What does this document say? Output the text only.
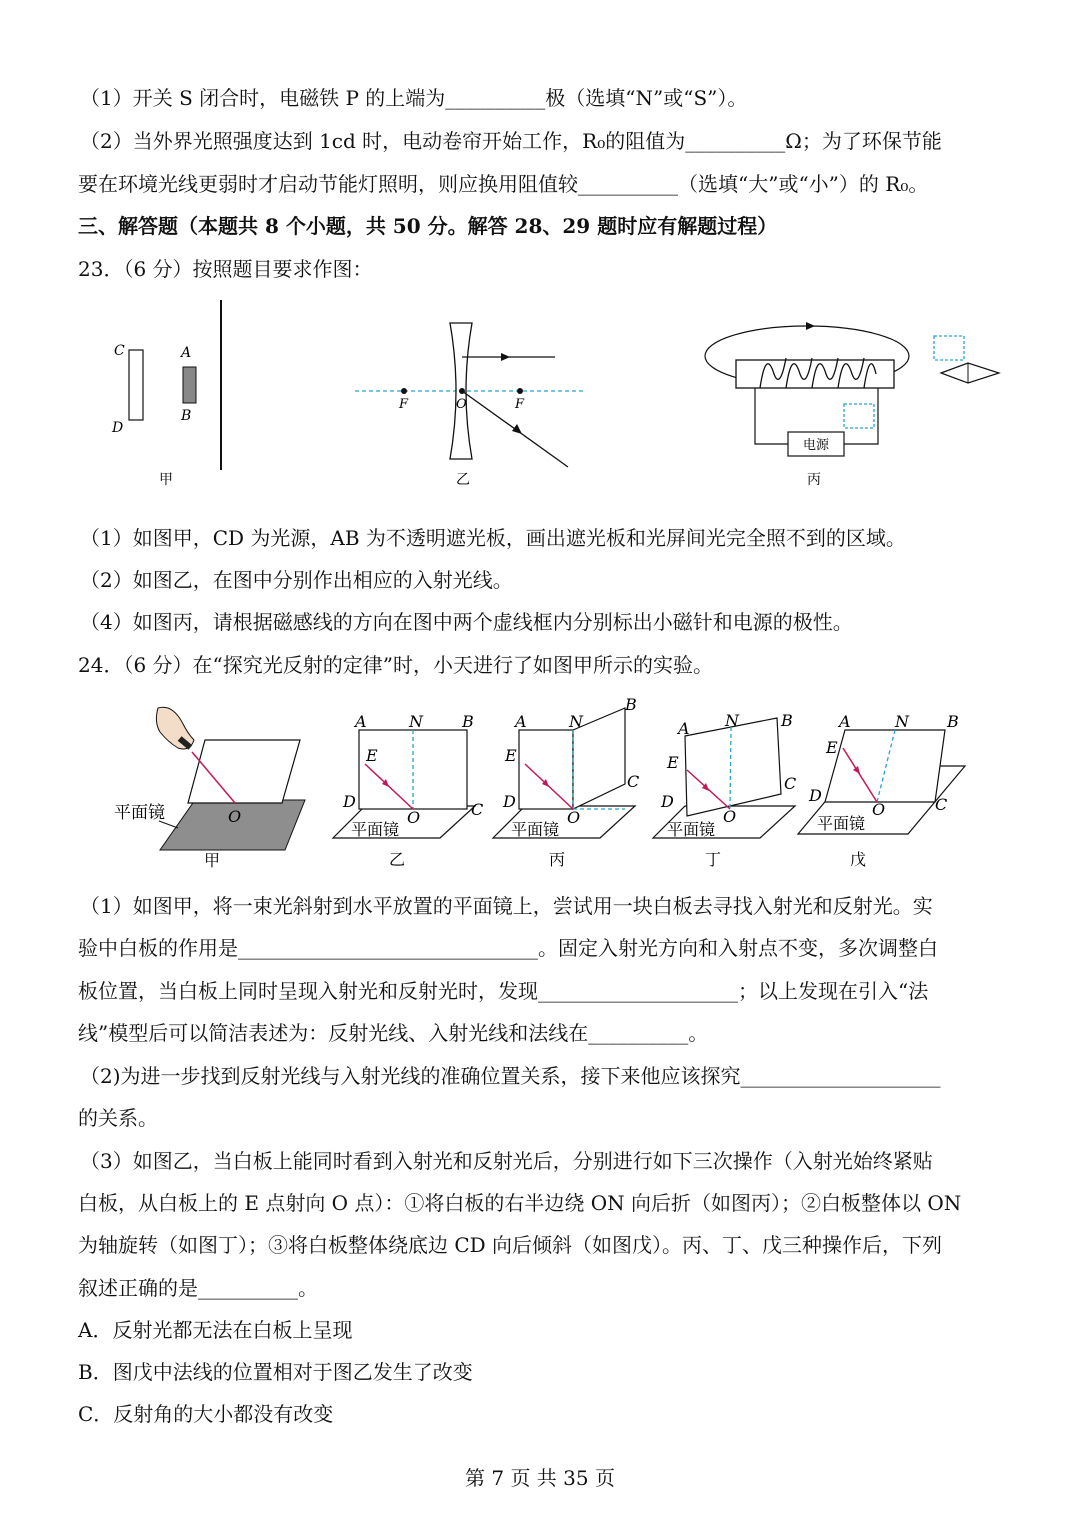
（1）开关 S 闭合时，电磁铁 P 的上端为__________极（选填“N”或“S”）。
（2）当外界光照强度达到 1cd 时，电动卷帘开始工作，R₀的阻值为__________Ω；为了环保节能
要在环境光线更弱时才启动节能灯照明，则应换用阻值较__________（选填“大”或“小”）的 R₀。
三、解答题（本题共 8 个小题，共 50 分。解答 28、29 题时应有解题过程）
23．（6 分）按照题目要求作图：
C
D
A
B
甲
F	O	F
乙
电源
丙
（1）如图甲，CD 为光源，AB 为不透明遮光板，画出遮光板和光屏间光完全照不到的区域。
（2）如图乙，在图中分别作出相应的入射光线。
（4）如图丙，请根据磁感线的方向在图中两个虚线框内分别标出小磁针和电源的极性。
24．（6 分）在“探究光反射的定律”时，小天进行了如图甲所示的实验。
平面镜	O
甲
A	N B
E
D
O	C
平面镜
乙
A	N
B
E
D
O
C
平面镜
丙
A N	B
E
D
O
C
平面镜
丁
A	N B
E
D
O	C
平面镜
戊
（1）如图甲，将一束光斜射到水平放置的平面镜上，尝试用一块白板去寻找入射光和反射光。实
验中白板的作用是______________________________。固定入射光方向和入射点不变，多次调整白
板位置，当白板上同时呈现入射光和反射光时，发现____________________；以上发现在引入“法
线”模型后可以简洁表述为：反射光线、入射光线和法线在__________。
（2)为进一步找到反射光线与入射光线的准确位置关系，接下来他应该探究____________________
的关系。
（3）如图乙，当白板上能同时看到入射光和反射光后，分别进行如下三次操作（入射光始终紧贴
白板，从白板上的 E 点射向 O 点）：①将白板的右半边绕 ON 向后折（如图丙）；②白板整体以 ON
为轴旋转（如图丁）；③将白板整体绕底边 CD 向后倾斜（如图戊）。丙、丁、戊三种操作后，下列
叙述正确的是__________。
A．反射光都无法在白板上呈现
B．图戊中法线的位置相对于图乙发生了改变
C．反射角的大小都没有改变
第 7 页 共 35 页
